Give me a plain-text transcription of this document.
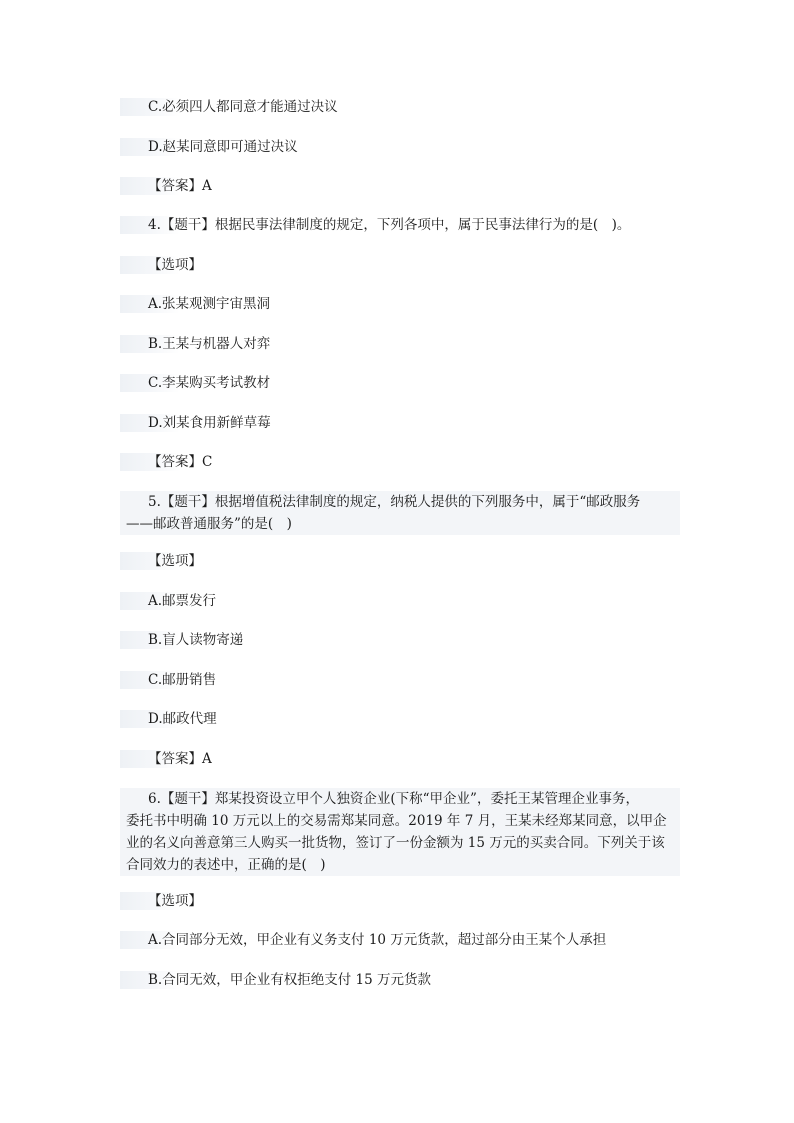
C.必须四人都同意才能通过决议
D.赵某同意即可通过决议
【答案】A
4.【题干】根据民事法律制度的规定，下列各项中，属于民事法律行为的是(　)。
【选项】
A.张某观测宇宙黑洞
B.王某与机器人对弈
C.李某购买考试教材
D.刘某食用新鲜草莓
【答案】C
5.【题干】根据增值税法律制度的规定，纳税人提供的下列服务中，属于“邮政服务
——邮政普通服务”的是(　)
【选项】
A.邮票发行
B.盲人读物寄递
C.邮册销售
D.邮政代理
【答案】A
6.【题干】郑某投资设立甲个人独资企业(下称“甲企业”，委托王某管理企业事务，
委托书中明确 10 万元以上的交易需郑某同意。2019 年 7 月，王某未经郑某同意，以甲企
业的名义向善意第三人购买一批货物，签订了一份金额为 15 万元的买卖合同。下列关于该
合同效力的表述中，正确的是(　)
【选项】
A.合同部分无效，甲企业有义务支付 10 万元货款，超过部分由王某个人承担
B.合同无效，甲企业有权拒绝支付 15 万元货款
